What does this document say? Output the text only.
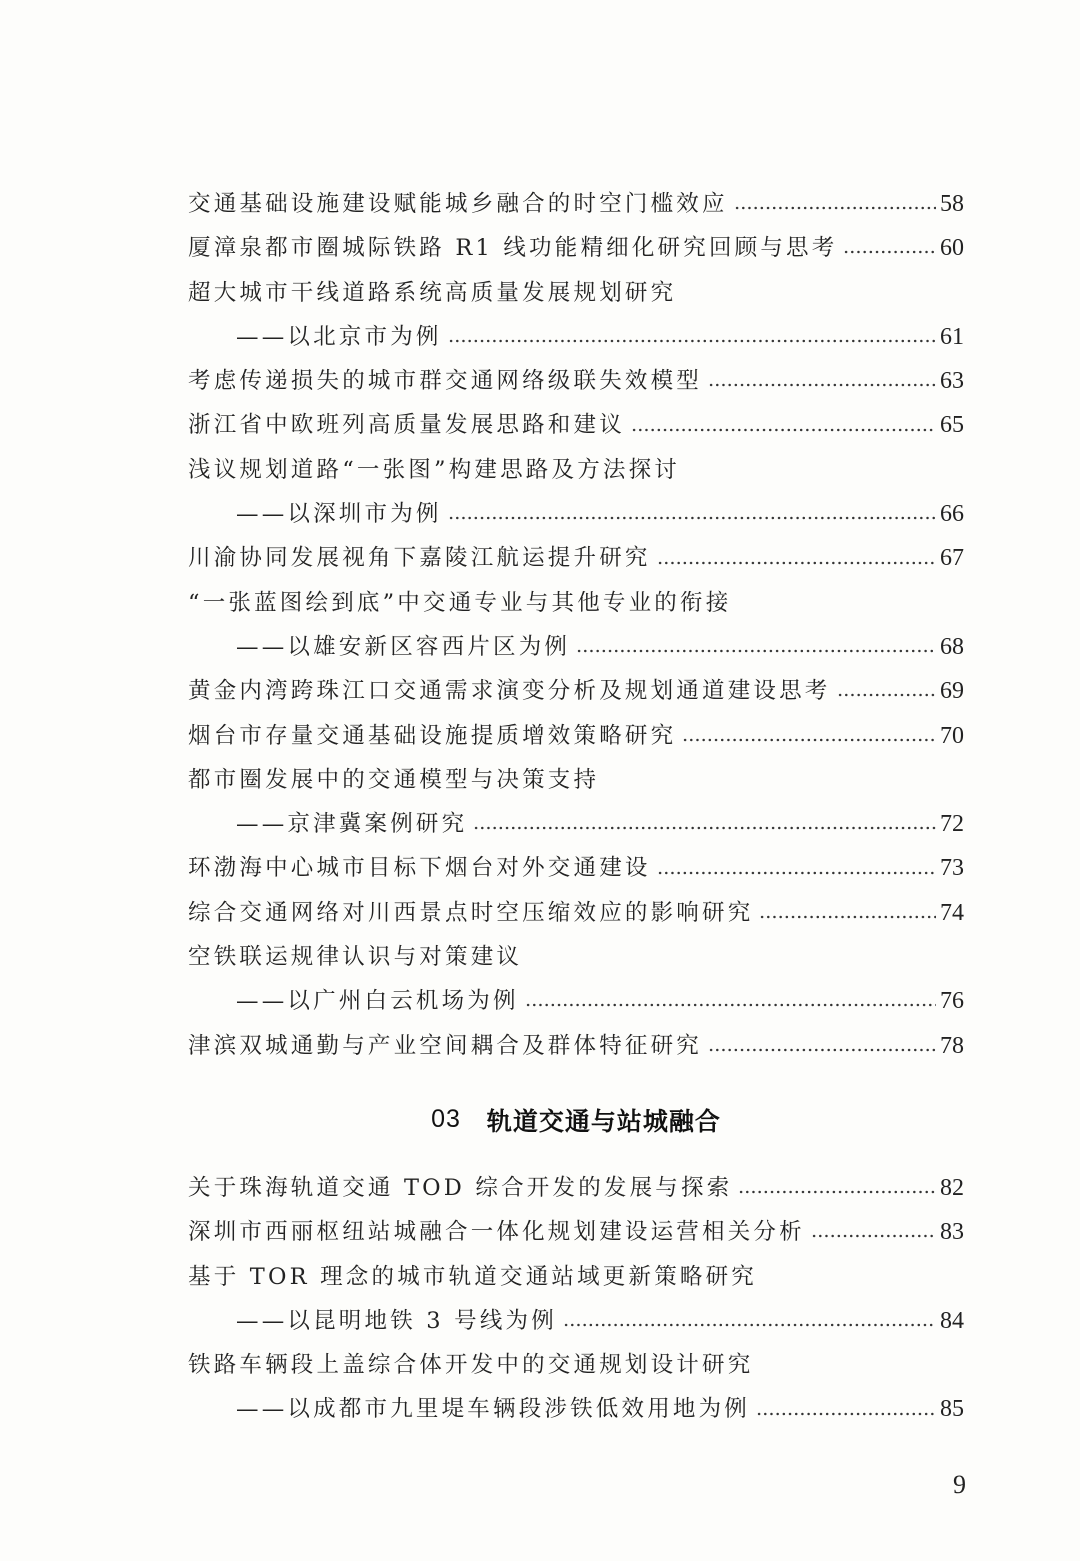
交通基础设施建设赋能城乡融合的时空门槛效应	58
厦漳泉都市圈城际铁路 R1 线功能精细化研究回顾与思考	60
超大城市干线道路系统高质量发展规划研究
——以北京市为例	61
考虑传递损失的城市群交通网络级联失效模型	63
浙江省中欧班列高质量发展思路和建议	65
浅议规划道路“一张图”构建思路及方法探讨
——以深圳市为例	66
川渝协同发展视角下嘉陵江航运提升研究	67
“一张蓝图绘到底”中交通专业与其他专业的衔接
——以雄安新区容西片区为例	68
黄金内湾跨珠江口交通需求演变分析及规划通道建设思考	69
烟台市存量交通基础设施提质增效策略研究	70
都市圈发展中的交通模型与决策支持
——京津冀案例研究	72
环渤海中心城市目标下烟台对外交通建设	73
综合交通网络对川西景点时空压缩效应的影响研究	74
空铁联运规律认识与对策建议
——以广州白云机场为例	76
津滨双城通勤与产业空间耦合及群体特征研究	78
03 轨道交通与站城融合
关于珠海轨道交通 TOD 综合开发的发展与探索	82
深圳市西丽枢纽站城融合一体化规划建设运营相关分析	83
基于 TOR 理念的城市轨道交通站域更新策略研究
——以昆明地铁 3 号线为例	84
铁路车辆段上盖综合体开发中的交通规划设计研究
——以成都市九里堤车辆段涉铁低效用地为例	85
9
